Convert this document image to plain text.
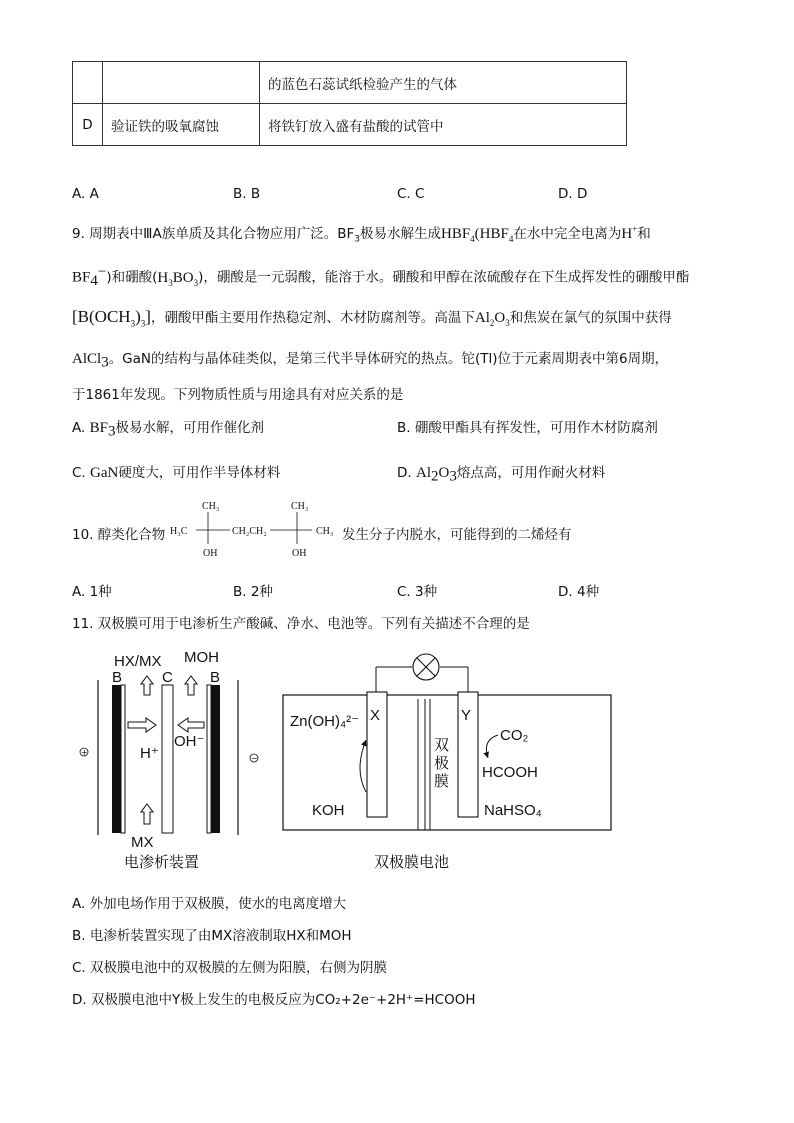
		的蓝色石蕊试纸检验产生的气体
D	验证铁的吸氧腐蚀	将铁钉放入盛有盐酸的试管中
A. A	B. B	C. C	D. D
9. 周期表中ⅢA族单质及其化合物应用广泛。$BF_3$极易水解生成$HBF_4(HBF_4$在水中完全电离为H+和
$BF_4^-$)和硼酸$(H_3BO_3)$，硼酸是一元弱酸，能溶于水。硼酸和甲醇在浓硫酸存在下生成挥发性的硼酸甲酯
$[B(OCH_3)_3]$，硼酸甲酯主要用作热稳定剂、木材防腐剂等。高温下$Al_2O_3$和焦炭在氯气的氛围中获得
AlCl$_3$。GaN的结构与晶体硅类似，是第三代半导体研究的热点。铊(Tl)位于元素周期表中第6周期，
于1861年发现。下列物质性质与用途具有对应关系的是
A. $BF_3$极易水解，可用作催化剂	B. 硼酸甲酯具有挥发性，可用作木材防腐剂
C. GaN硬度大，可用作半导体材料	D. $Al_2O_3$熔点高，可用作耐火材料
10. 醇类化合物
CH₃	CH₃
H₃C	CH₂CH₂	CH₃
OH	OH
发生分子内脱水，可能得到的二烯烃有
A. 1种	B. 2种	C. 3种	D. 4种
11. 双极膜可用于电渗析生产酸碱、净水、电池等。下列有关描述不合理的是
+
−
HX/MX MOH
B	C B
H⁺
OH⁻
MX
电渗析装置
X	Y
Zn(OH)₄²⁻
双
极
膜
CO₂
HCOOH
KOH	NaHSO₄
双极膜电池
A. 外加电场作用于双极膜，使水的电离度增大
B. 电渗析装置实现了由MX溶液制取HX和MOH
C. 双极膜电池中的双极膜的左侧为阳膜，右侧为阴膜
D. 双极膜电池中Y极上发生的电极反应为CO₂+2e⁻+2H⁺=HCOOH
